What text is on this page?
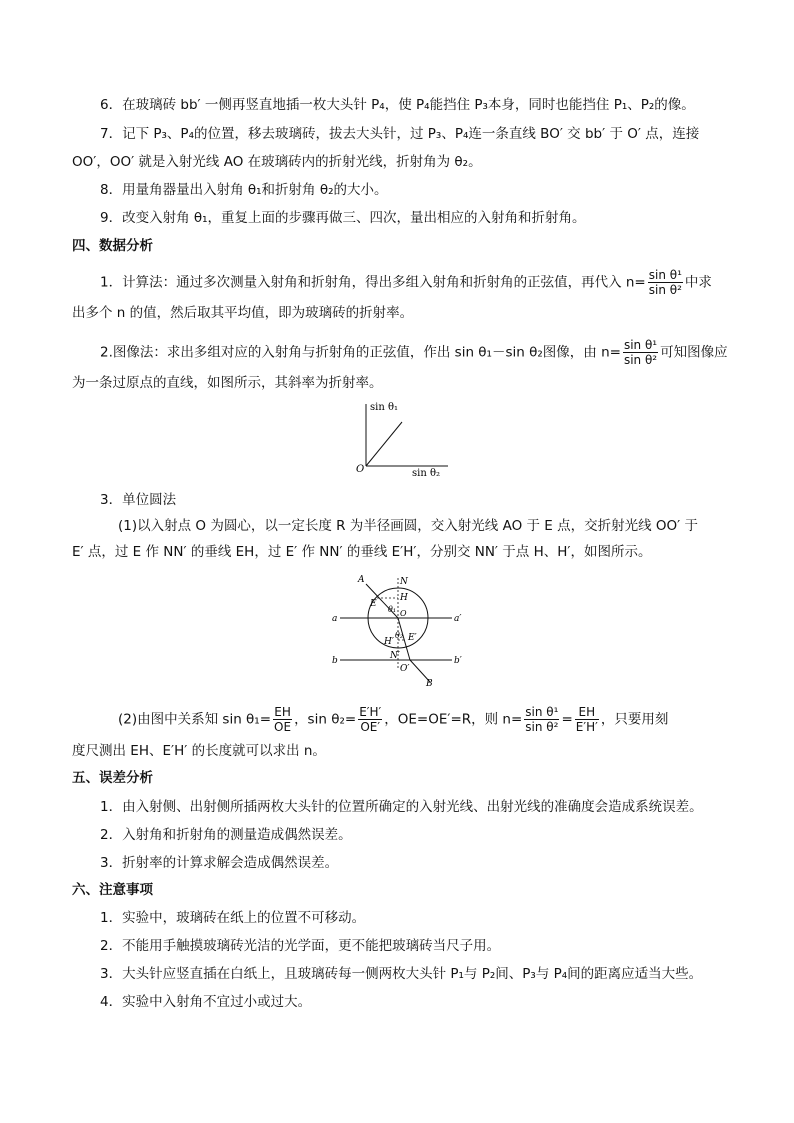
6．在玻璃砖 bb′ 一侧再竖直地插一枚大头针 P₄，使 P₄能挡住 P₃本身，同时也能挡住 P₁、P₂的像。
7．记下 P₃、P₄的位置，移去玻璃砖，拔去大头针，过 P₃、P₄连一条直线 BO′ 交 bb′ 于 O′ 点，连接
OO′，OO′ 就是入射光线 AO 在玻璃砖内的折射光线，折射角为 θ₂。
8．用量角器量出入射角 θ₁和折射角 θ₂的大小。
9．改变入射角 θ₁，重复上面的步骤再做三、四次，量出相应的入射角和折射角。
四、数据分析
1．计算法：通过多次测量入射角和折射角，得出多组入射角和折射角的正弦值，再代入 $n= \frac{\text{sin θ¹}}{\text{sin θ²}}$ 中求
出多个 n 的值，然后取其平均值，即为玻璃砖的折射率。
2.图像法：求出多组对应的入射角与折射角的正弦值，作出 sin θ₁－sin θ₂图像，由 $n= \frac{\text{sin θ¹}}{\text{sin θ²}}$ 可知图像应
为一条过原点的直线，如图所示，其斜率为折射率。
sin θ₁
sin θ₂
O
3．单位圆法
(1)以入射点 O 为圆心，以一定长度 R 为半径画圆，交入射光线 AO 于 E 点，交折射光线 OO′ 于
E′ 点，过 E 作 NN′ 的垂线 EH，过 E′ 作 NN′ 的垂线 E′H′，分别交 NN′ 于点 H、H′，如图所示。
A	N
E
H
θ₁ O
a	a′
H′
θ₂ E′
N′
b	b′
O′
B
(2)由图中关系知 $\sin \theta_1= \frac{EH}{OE}$ ，$\sin \theta_2= \frac{E'H'}{OE'}$ ，OE=OE′=R，则 $n= \frac{\text{sin θ¹}}{\text{sin θ²}} = \frac{EH}{E'H'}$ ，只要用刻
度尺测出 EH、E′H′ 的长度就可以求出 n。
五、误差分析
1．由入射侧、出射侧所插两枚大头针的位置所确定的入射光线、出射光线的准确度会造成系统误差。
2．入射角和折射角的测量造成偶然误差。
3．折射率的计算求解会造成偶然误差。
六、注意事项
1．实验中，玻璃砖在纸上的位置不可移动。
2．不能用手触摸玻璃砖光洁的光学面，更不能把玻璃砖当尺子用。
3．大头针应竖直插在白纸上，且玻璃砖每一侧两枚大头针 P₁与 P₂间、P₃与 P₄间的距离应适当大些。
4．实验中入射角不宜过小或过大。
